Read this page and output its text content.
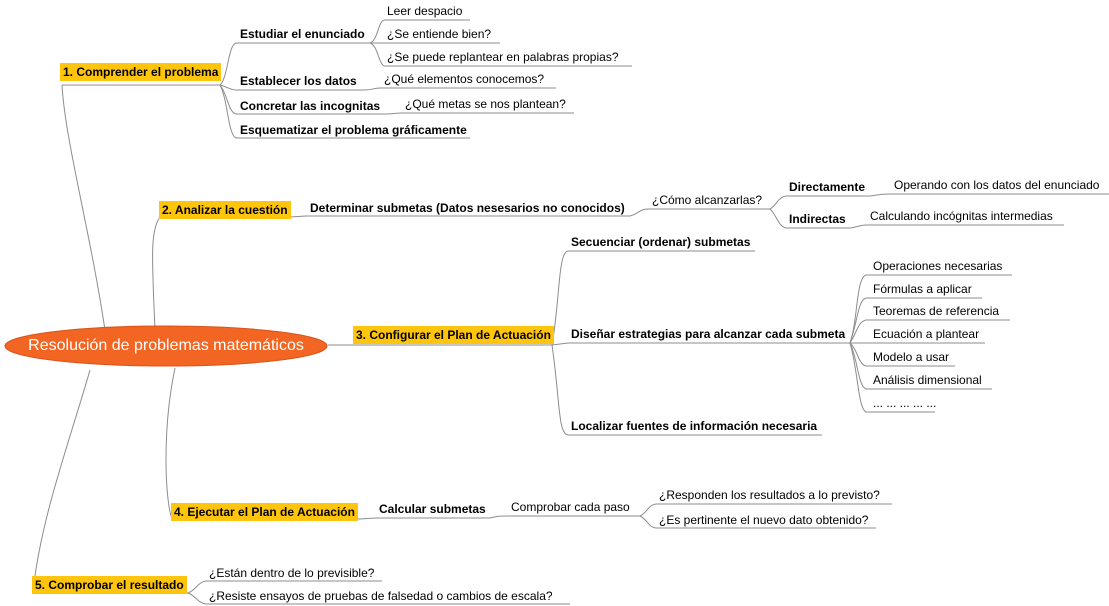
Resolución de problemas matemáticos
1. Comprender el problema
2. Analizar la cuestión
3. Configurar el Plan de Actuación
4. Ejecutar el Plan de Actuación
5. Comprobar el resultado
Estudiar el enunciado
Leer despacio
¿Se entiende bien?
¿Se puede replantear en palabras propias?
Establecer los datos ¿Qué elementos conocemos?
Concretar las incognitas ¿Qué metas se nos plantean?
Esquematizar el problema gráficamente
Determinar submetas (Datos nesesarios no conocidos)
¿Cómo alcanzarlas?
Directamente Operando con los datos del enunciado
Indirectas Calculando incógnitas intermedias
Secuenciar (ordenar) submetas
Diseñar estrategias para alcanzar cada submeta
Operaciones necesarias
Fórmulas a aplicar
Teoremas de referencia
Ecuación a plantear
Modelo a usar
Análisis dimensional
... ... ... ... ...
Localizar fuentes de información necesaria
Calcular submetas Comprobar cada paso
¿Responden los resultados a lo previsto?
¿Es pertinente el nuevo dato obtenido?
¿Están dentro de lo previsible?
¿Resiste ensayos de pruebas de falsedad o cambios de escala?
